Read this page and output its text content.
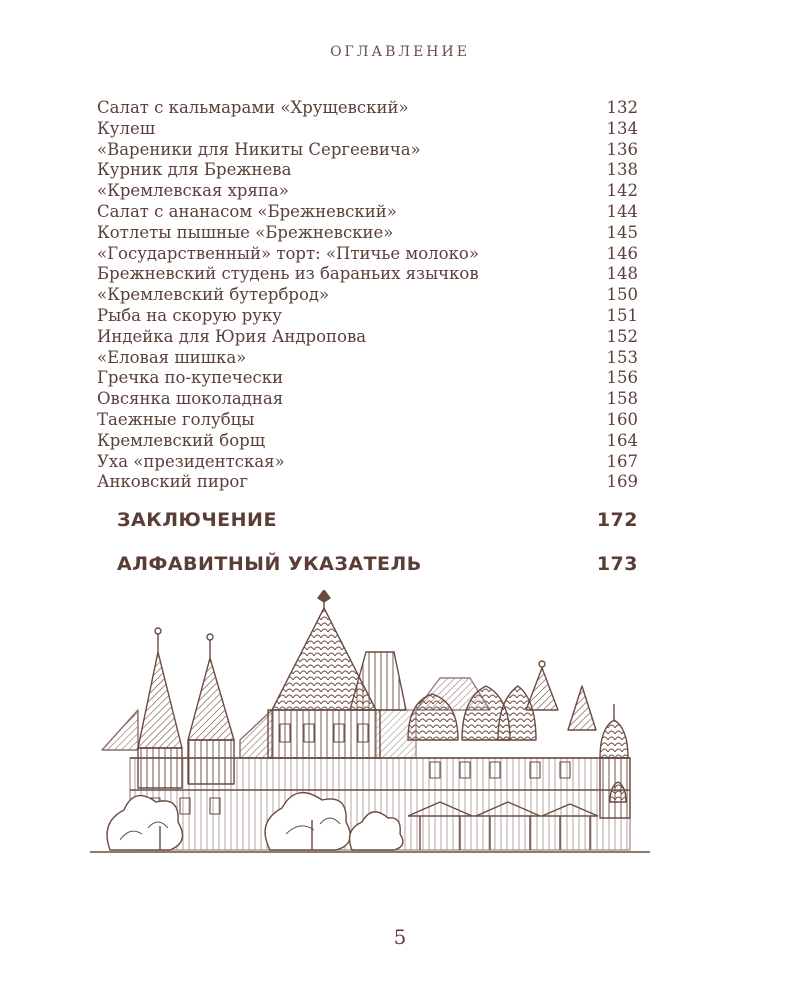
ОГЛАВЛЕНИЕ
Салат с кальмарами «Хрущевский»	132
Кулеш	134
«Вареники для Никиты Сергеевича»	136
Курник для Брежнева	138
«Кремлевская хряпа»	142
Салат с ананасом «Брежневский»	144
Котлеты пышные «Брежневские»	145
«Государственный» торт: «Птичье молоко»	146
Брежневский студень из бараньих язычков	148
«Кремлевский бутерброд»	150
Рыба на скорую руку	151
Индейка для Юрия Андропова	152
«Еловая шишка»	153
Гречка по-купечески	156
Овсянка шоколадная	158
Таежные голубцы	160
Кремлевский борщ	164
Уха «президентская»	167
Анковский пирог	169
ЗАКЛЮЧЕНИЕ	172
АЛФАВИТНЫЙ УКАЗАТЕЛЬ	173
5
